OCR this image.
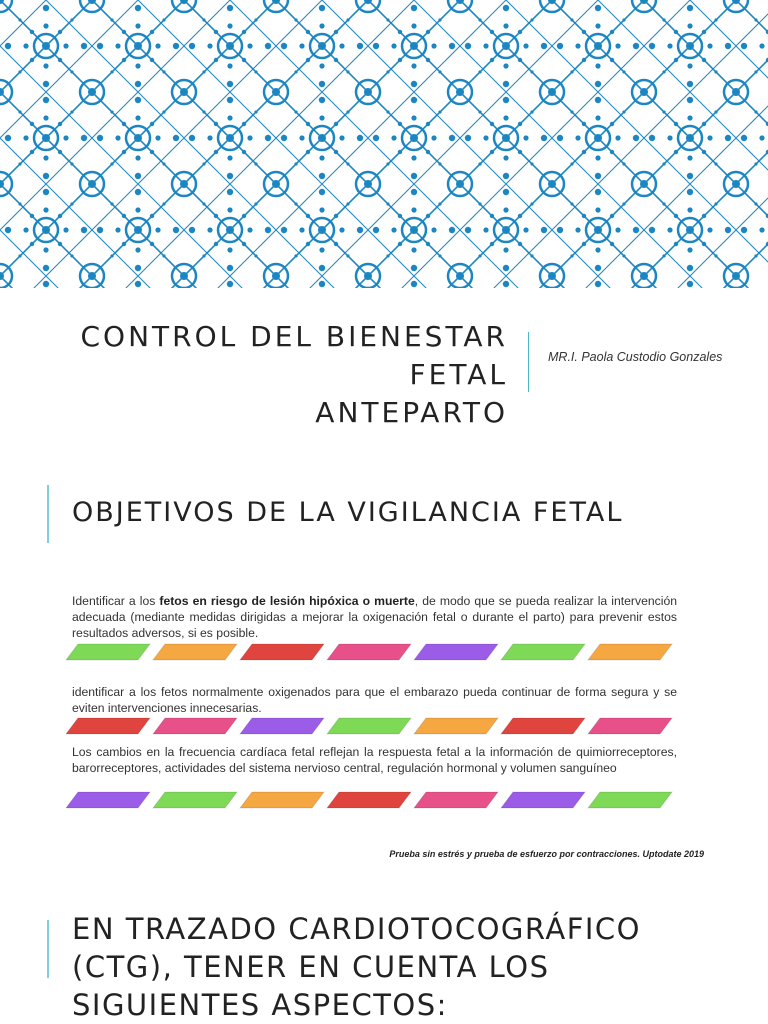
CONTROL DEL BIENESTAR FETAL
ANTEPARTO
MR.I. Paola Custodio Gonzales
OBJETIVOS DE LA VIGILANCIA FETAL

Identificar a los fetos en riesgo de lesión hipóxica o muerte, de modo que se pueda realizar la intervención adecuada (mediante medidas dirigidas a mejorar la oxigenación fetal o durante el parto) para prevenir estos resultados adversos, si es posible.

identificar a los fetos normalmente oxigenados para que el embarazo pueda continuar de forma segura y se eviten intervenciones innecesarias.

Los cambios en la frecuencia cardíaca fetal reflejan la respuesta fetal a la información de quimiorreceptores, barorreceptores, actividades del sistema nervioso central, regulación hormonal y volumen sanguíneo

Prueba sin estrés y prueba de esfuerzo por contracciones. Uptodate 2019
EN TRAZADO CARDIOTOCOGRÁFICO (CTG), TENER EN CUENTA LOS SIGUIENTES ASPECTOS:
